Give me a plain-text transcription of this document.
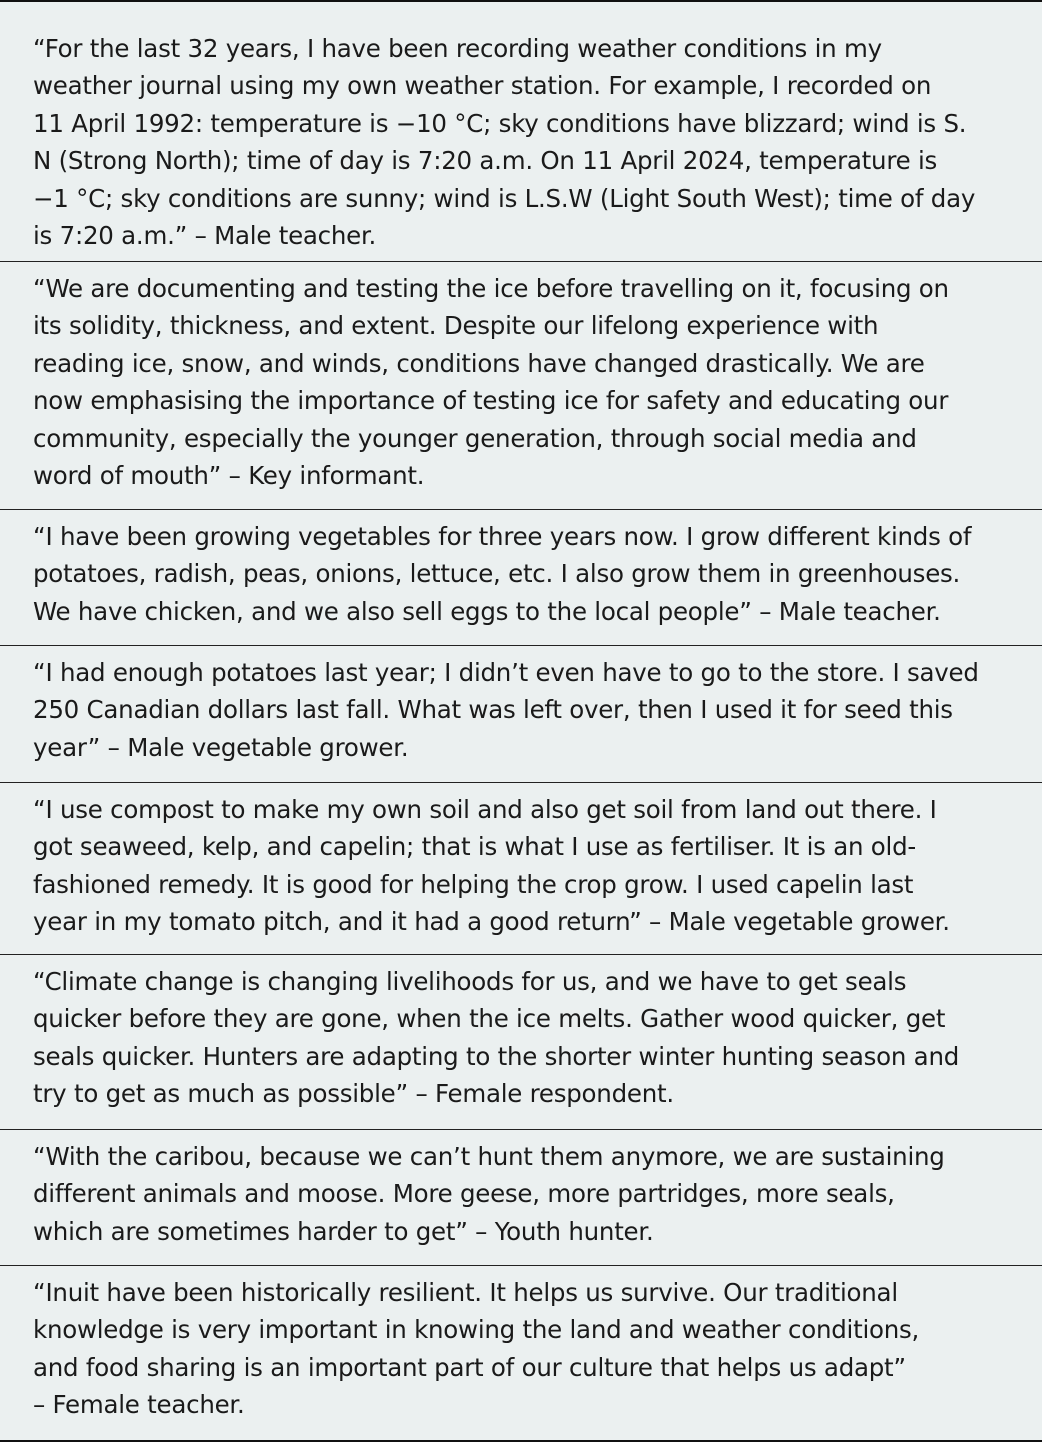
“For the last 32 years, I have been recording weather conditions in my
weather journal using my own weather station. For example, I recorded on
11 April 1992: temperature is −10 °C; sky conditions have blizzard; wind is S.
N (Strong North); time of day is 7:20 a.m. On 11 April 2024, temperature is
−1 °C; sky conditions are sunny; wind is L.S.W (Light South West); time of day
is 7:20 a.m.” – Male teacher.
“We are documenting and testing the ice before travelling on it, focusing on
its solidity, thickness, and extent. Despite our lifelong experience with
reading ice, snow, and winds, conditions have changed drastically. We are
now emphasising the importance of testing ice for safety and educating our
community, especially the younger generation, through social media and
word of mouth” – Key informant.
“I have been growing vegetables for three years now. I grow different kinds of
potatoes, radish, peas, onions, lettuce, etc. I also grow them in greenhouses.
We have chicken, and we also sell eggs to the local people” – Male teacher.
“I had enough potatoes last year; I didn’t even have to go to the store. I saved
250 Canadian dollars last fall. What was left over, then I used it for seed this
year” – Male vegetable grower.
“I use compost to make my own soil and also get soil from land out there. I
got seaweed, kelp, and capelin; that is what I use as fertiliser. It is an old-
fashioned remedy. It is good for helping the crop grow. I used capelin last
year in my tomato pitch, and it had a good return” – Male vegetable grower.
“Climate change is changing livelihoods for us, and we have to get seals
quicker before they are gone, when the ice melts. Gather wood quicker, get
seals quicker. Hunters are adapting to the shorter winter hunting season and
try to get as much as possible” – Female respondent.
“With the caribou, because we can’t hunt them anymore, we are sustaining
different animals and moose. More geese, more partridges, more seals,
which are sometimes harder to get” – Youth hunter.
“Inuit have been historically resilient. It helps us survive. Our traditional
knowledge is very important in knowing the land and weather conditions,
and food sharing is an important part of our culture that helps us adapt”
– Female teacher.
